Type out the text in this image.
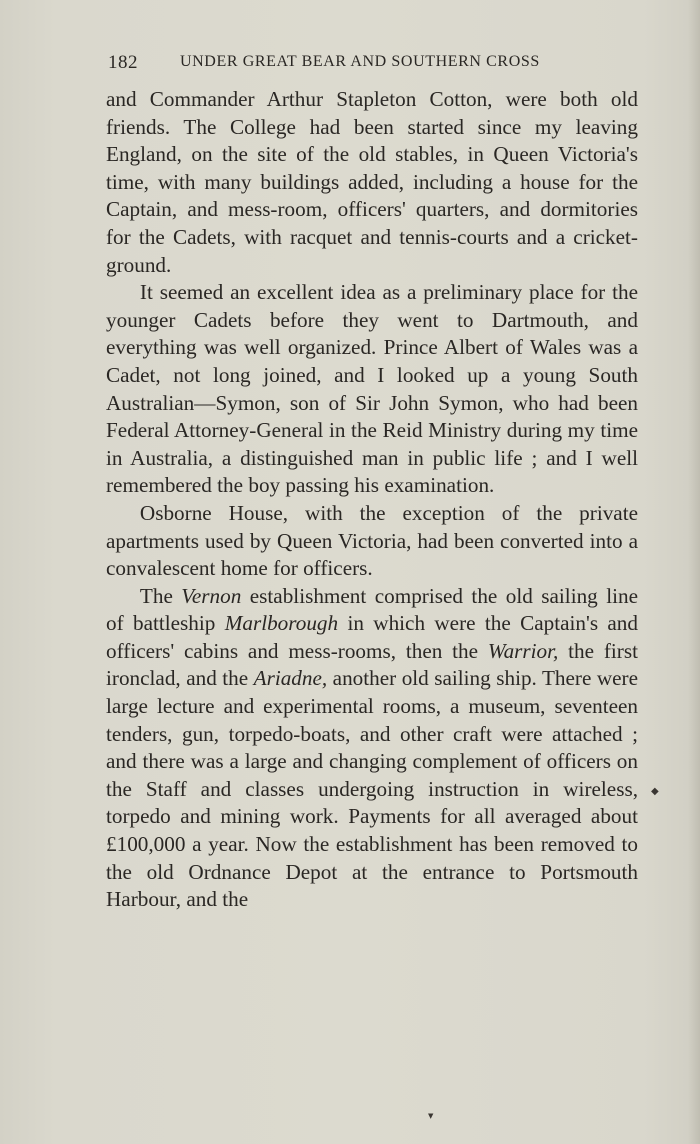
182	UNDER GREAT BEAR AND SOUTHERN CROSS

and Commander Arthur Stapleton Cotton, were both old friends. The College had been started since my leaving England, on the site of the old stables, in Queen Victoria's time, with many buildings added, including a house for the Captain, and mess-room, officers' quarters, and dormitories for the Cadets, with racquet and tennis-courts and a cricket-ground.

It seemed an excellent idea as a preliminary place for the younger Cadets before they went to Dartmouth, and everything was well organized. Prince Albert of Wales was a Cadet, not long joined, and I looked up a young South Australian—Symon, son of Sir John Symon, who had been Federal Attorney-General in the Reid Ministry during my time in Australia, a distinguished man in public life ; and I well remembered the boy passing his examination.

Osborne House, with the exception of the private apartments used by Queen Victoria, had been converted into a convalescent home for officers.

The Vernon establishment comprised the old sailing line of battleship Marlborough in which were the Captain's and officers' cabins and mess-rooms, then the Warrior, the first ironclad, and the Ariadne, another old sailing ship. There were large lecture and experimental rooms, a museum, seventeen tenders, gun, torpedo-boats, and other craft were attached ; and there was a large and changing complement of officers on the Staff and classes undergoing instruction in wireless, torpedo and mining work. Payments for all averaged about £100,000 a year. Now the establishment has been removed to the old Ordnance Depot at the entrance to Portsmouth Harbour, and the

◆
▼
